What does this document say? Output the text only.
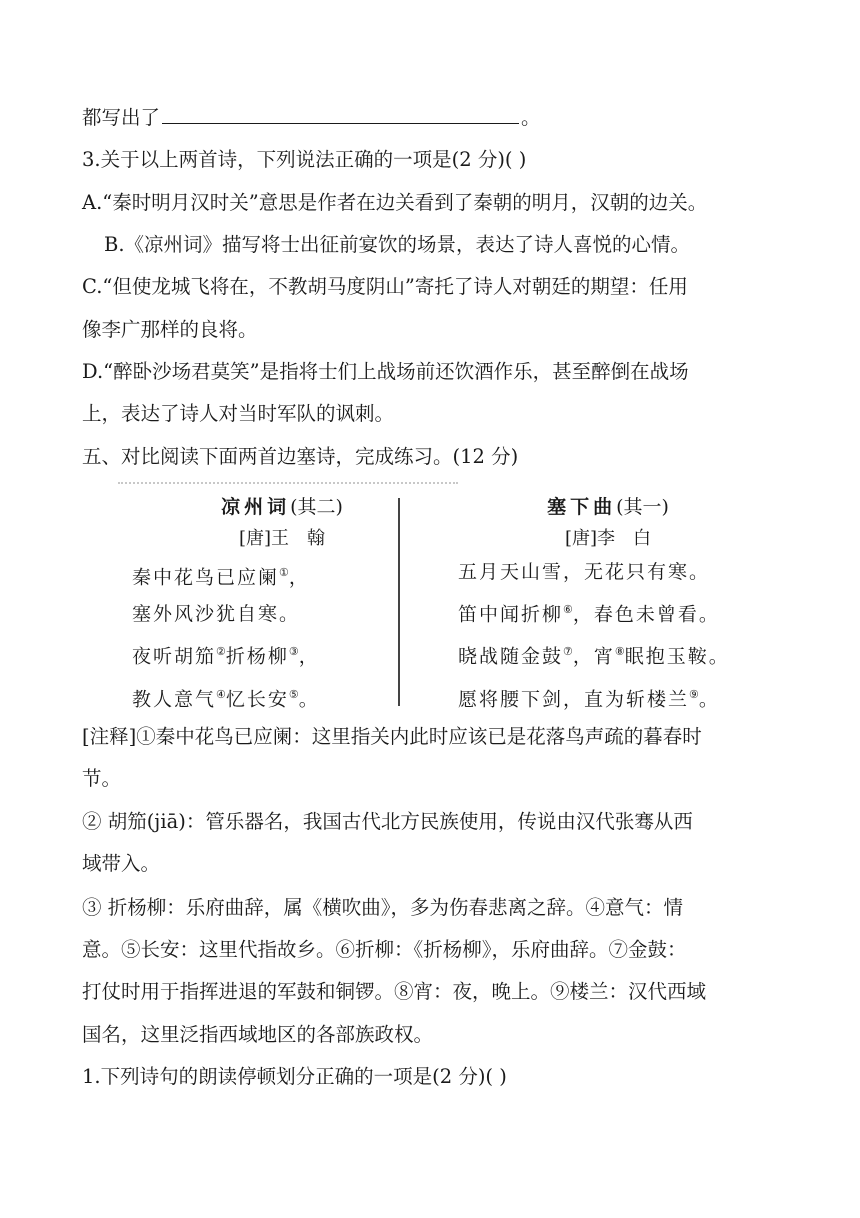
都写出了	。
3.关于以上两首诗，下列说法正确的一项是(2 分)( )
A.“秦时明月汉时关”意思是作者在边关看到了秦朝的明月，汉朝的边关。
B.《凉州词》描写将士出征前宴饮的场景，表达了诗人喜悦的心情。
C.“但使龙城飞将在，不教胡马度阴山”寄托了诗人对朝廷的期望：任用
像李广那样的良将。
D.“醉卧沙场君莫笑”是指将士们上战场前还饮酒作乐，甚至醉倒在战场
上，表达了诗人对当时军队的讽刺。
五、对比阅读下面两首边塞诗，完成练习。(12 分)
凉州词(其二)
[唐]王　翰
秦中花鸟已应阑①，
塞外风沙犹自寒。
夜听胡笳②折杨柳③，
教人意气④忆长安⑤。
塞下曲(其一)
[唐]李　白
五月天山雪，无花只有寒。
笛中闻折柳⑥，春色未曾看。
晓战随金鼓⑦，宵⑧眠抱玉鞍。
愿将腰下剑，直为斩楼兰⑨。
[注释]①秦中花鸟已应阑：这里指关内此时应该已是花落鸟声疏的暮春时
节。
② 胡笳(jiā)：管乐器名，我国古代北方民族使用，传说由汉代张骞从西
域带入。
③ 折杨柳：乐府曲辞，属《横吹曲》，多为伤春悲离之辞。④意气：情
意。⑤长安：这里代指故乡。⑥折柳：《折杨柳》，乐府曲辞。⑦金鼓：
打仗时用于指挥进退的军鼓和铜锣。⑧宵：夜，晚上。⑨楼兰：汉代西域
国名，这里泛指西域地区的各部族政权。
1.下列诗句的朗读停顿划分正确的一项是(2 分)( )
